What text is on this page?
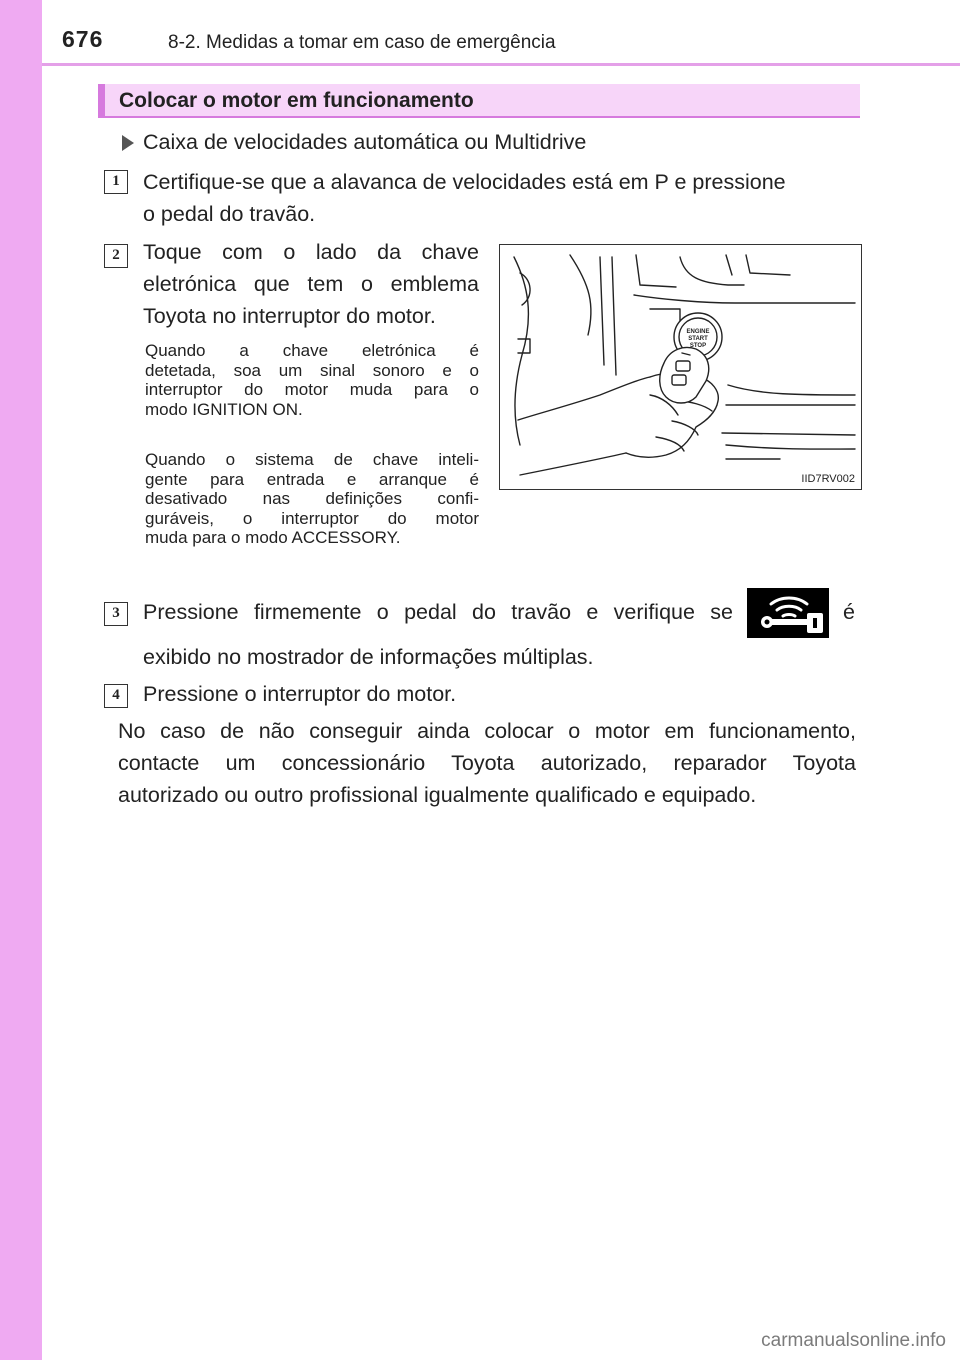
676	8-2. Medidas a tomar em caso de emergência
Colocar o motor em funcionamento
Caixa de velocidades automática ou Multidrive
1	Certifique-se que a alavanca de velocidades está em P e pressione
o pedal do travão.
2	Toque com o lado da chave
eletrónica que tem o emblema
Toyota no interruptor do motor.
Quando a chave eletrónica é
detetada, soa um sinal sonoro e o
interruptor do motor muda para o
modo IGNITION ON.
Quando o sistema de chave inteli-
gente para entrada e arranque é
desativado nas definições confi-
guráveis, o interruptor do motor
muda para o modo ACCESSORY.
ENGINE
START
STOP
IID7RV002
3	Pressione firmemente o pedal do travão e verifique se	é
exibido no mostrador de informações múltiplas.
4	Pressione o interruptor do motor.
No caso de não conseguir ainda colocar o motor em funcionamento,
contacte um concessionário Toyota autorizado, reparador Toyota
autorizado ou outro profissional igualmente qualificado e equipado.
carmanualsonline.info
